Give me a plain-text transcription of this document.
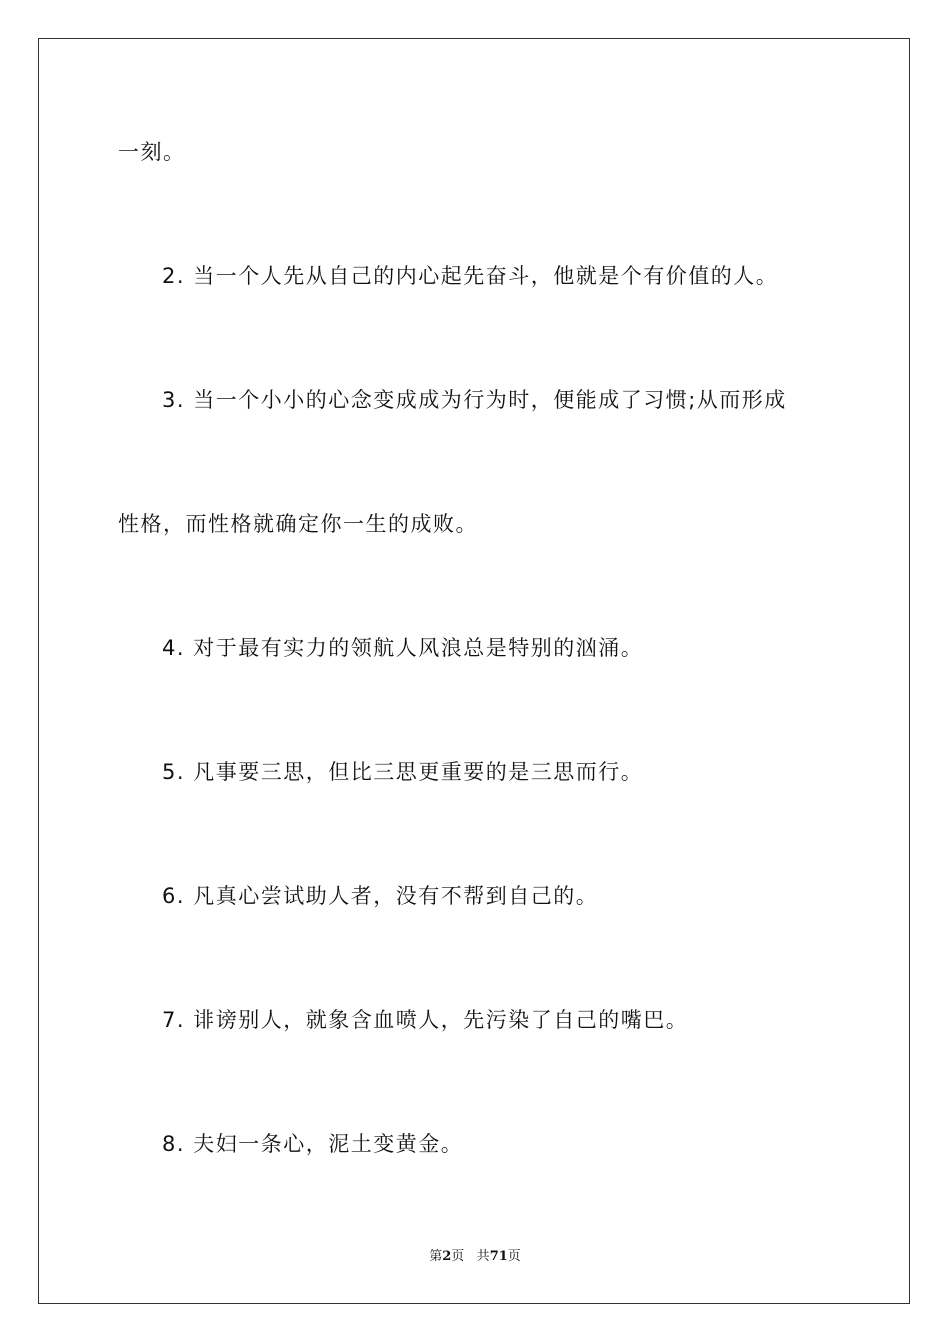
一刻。
2. 当一个人先从自己的内心起先奋斗，他就是个有价值的人。
3. 当一个小小的心念变成成为行为时，便能成了习惯;从而形成
性格，而性格就确定你一生的成败。
4. 对于最有实力的领航人风浪总是特别的汹涌。
5. 凡事要三思，但比三思更重要的是三思而行。
6. 凡真心尝试助人者，没有不帮到自己的。
7. 诽谤别人，就象含血喷人，先污染了自己的嘴巴。
8. 夫妇一条心，泥土变黄金。
第2页 共71页
